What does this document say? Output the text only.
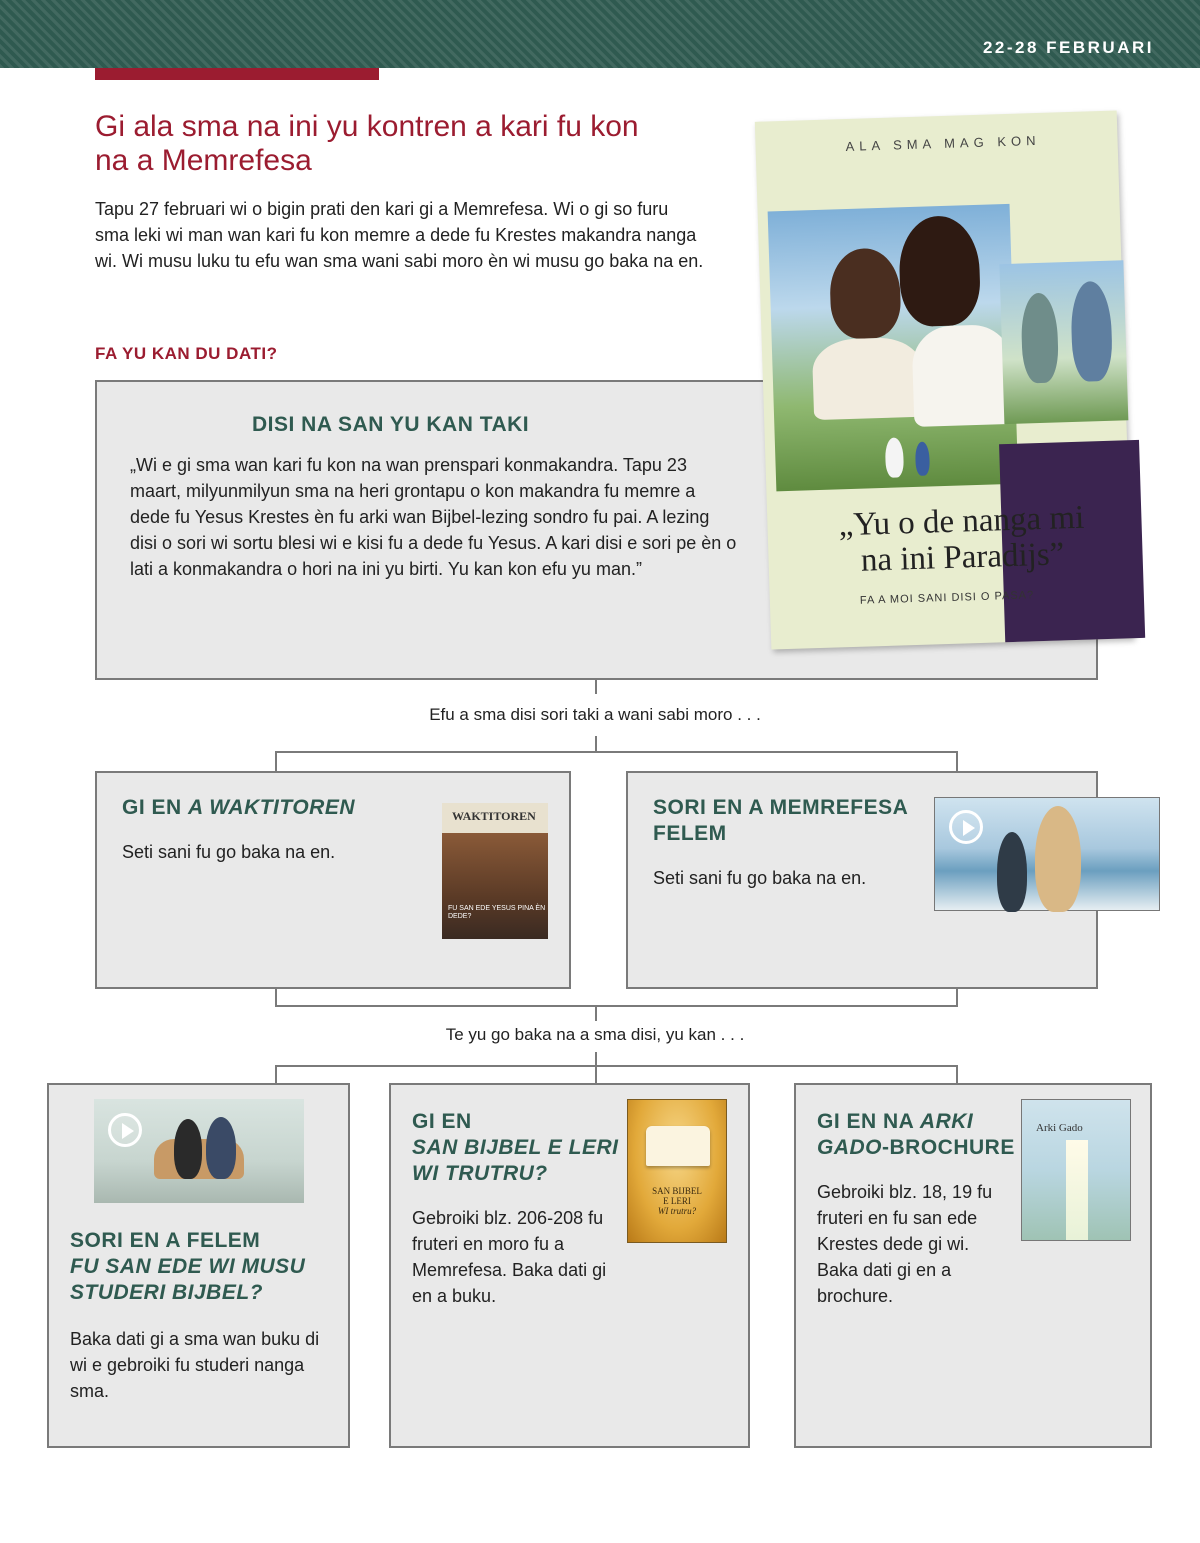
22-28 FEBRUARI
Gi ala sma na ini yu kontren a kari fu kon na a Memrefesa

Tapu 27 februari wi o bigin prati den kari gi a Memrefesa. Wi o gi so furu sma leki wi man wan kari fu kon memre a dede fu Krestes makandra nanga wi. Wi musu luku tu efu wan sma wani sabi moro èn wi musu go baka na en.

FA YU KAN DU DATI?
DISI NA SAN YU KAN TAKI

„Wi e gi sma wan kari fu kon na wan prenspari konmakandra. Tapu 23 maart, milyunmilyun sma na heri grontapu o kon makandra fu memre a dede fu Yesus Krestes èn fu arki wan Bijbel-lezing sondro fu pai. A lezing disi o sori wi sortu blesi wi e kisi fu a dede fu Yesus. A kari disi e sori pe èn o lati a konmakandra o hori na ini yu birti. Yu kan kon efu yu man.”

ALA SMA MAG KON
„Yu o de nanga mi
na ini Paradijs”
FA A MOI SANI DISI O PASA?
Efu a sma disi sori taki a wani sabi moro . . .
GI EN A WAKTITOREN

Seti sani fu go baka na en.

WAKTITOREN
FU SAN EDE YESUS PINA ÈN DEDE?
SORI EN A MEMREFESA FELEM

Seti sani fu go baka na en.

Te yu go baka na a sma disi, yu kan . . .
SORI EN A FELEM
FU SAN EDE WI MUSU STUDERI BIJBEL?

Baka dati gi a sma wan buku di wi e gebroiki fu studeri nanga sma.

GI EN
SAN BIJBEL E LERI WI TRUTRU?

Gebroiki blz. 206-208 fu fruteri en moro fu a Memrefesa. Baka dati gi en a buku.

SAN BIJBEL
E LERI
WI trutru?
GI EN NA ARKI GADO-BROCHURE

Gebroiki blz. 18, 19 fu fruteri en fu san ede Krestes dede gi wi. Baka dati gi en a brochure.

Arki Gado
